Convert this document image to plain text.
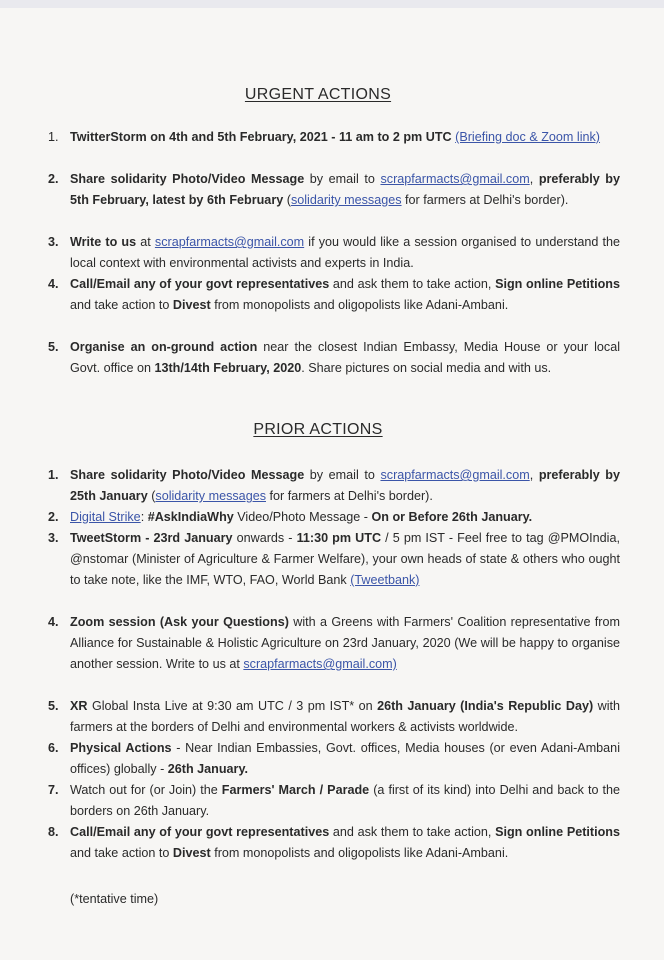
URGENT ACTIONS
1. TwitterStorm on 4th and 5th February, 2021 - 11 am to 2 pm UTC (Briefing doc & Zoom link)
2. Share solidarity Photo/Video Message by email to scrapfarmacts@gmail.com, preferably by 5th February, latest by 6th February (solidarity messages for farmers at Delhi's border).
3. Write to us at scrapfarmacts@gmail.com if you would like a session organised to understand the local context with environmental activists and experts in India.
4. Call/Email any of your govt representatives and ask them to take action, Sign online Petitions and take action to Divest from monopolists and oligopolists like Adani-Ambani.
5. Organise an on-ground action near the closest Indian Embassy, Media House or your local Govt. office on 13th/14th February, 2020. Share pictures on social media and with us.
PRIOR ACTIONS
1. Share solidarity Photo/Video Message by email to scrapfarmacts@gmail.com, preferably by 25th January (solidarity messages for farmers at Delhi's border).
2. Digital Strike: #AskIndiaWhy Video/Photo Message - On or Before 26th January.
3. TweetStorm - 23rd January onwards - 11:30 pm UTC / 5 pm IST - Feel free to tag @PMOIndia, @nstomar (Minister of Agriculture & Farmer Welfare), your own heads of state & others who ought to take note, like the IMF, WTO, FAO, World Bank (Tweetbank)
4. Zoom session (Ask your Questions) with a Greens with Farmers' Coalition representative from Alliance for Sustainable & Holistic Agriculture on 23rd January, 2020 (We will be happy to organise another session. Write to us at scrapfarmacts@gmail.com)
5. XR Global Insta Live at 9:30 am UTC / 3 pm IST* on 26th January (India's Republic Day) with farmers at the borders of Delhi and environmental workers & activists worldwide.
6. Physical Actions - Near Indian Embassies, Govt. offices, Media houses (or even Adani-Ambani offices) globally - 26th January.
7. Watch out for (or Join) the Farmers' March / Parade (a first of its kind) into Delhi and back to the borders on 26th January.
8. Call/Email any of your govt representatives and ask them to take action, Sign online Petitions and take action to Divest from monopolists and oligopolists like Adani-Ambani.
(*tentative time)
